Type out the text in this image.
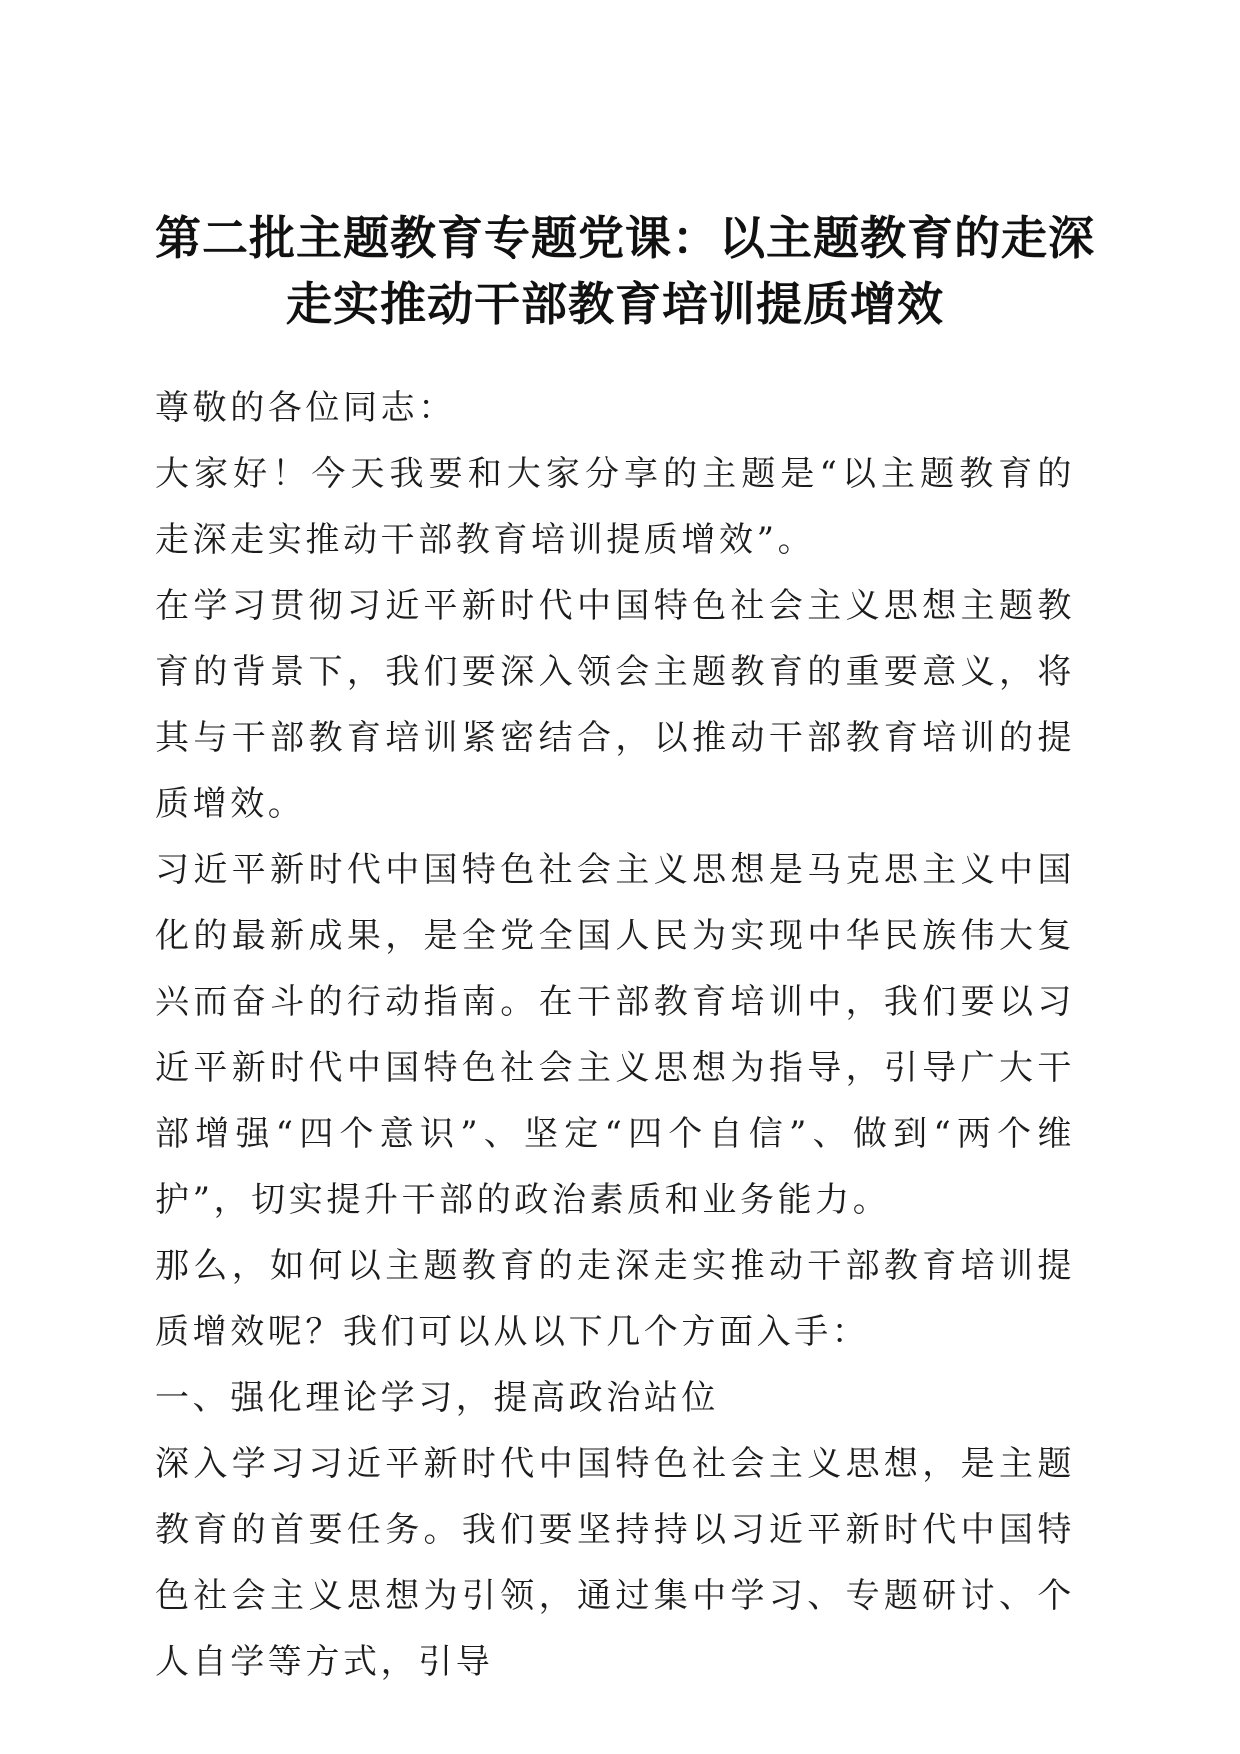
第二批主题教育专题党课：以主题教育的走深
走实推动干部教育培训提质增效

尊敬的各位同志：

大家好！今天我要和大家分享的主题是“以主题教育的走深走实推动干部教育培训提质增效”。

在学习贯彻习近平新时代中国特色社会主义思想主题教育的背景下，我们要深入领会主题教育的重要意义，将其与干部教育培训紧密结合，以推动干部教育培训的提质增效。

习近平新时代中国特色社会主义思想是马克思主义中国化的最新成果，是全党全国人民为实现中华民族伟大复兴而奋斗的行动指南。在干部教育培训中，我们要以习近平新时代中国特色社会主义思想为指导，引导广大干部增强“四个意识”、坚定“四个自信”、做到“两个维护”，切实提升干部的政治素质和业务能力。

那么，如何以主题教育的走深走实推动干部教育培训提质增效呢？我们可以从以下几个方面入手：

一、强化理论学习，提高政治站位

深入学习习近平新时代中国特色社会主义思想，是主题教育的首要任务。我们要坚持持以习近平新时代中国特色社会主义思想为引领，通过集中学习、专题研讨、个人自学等方式，引导
